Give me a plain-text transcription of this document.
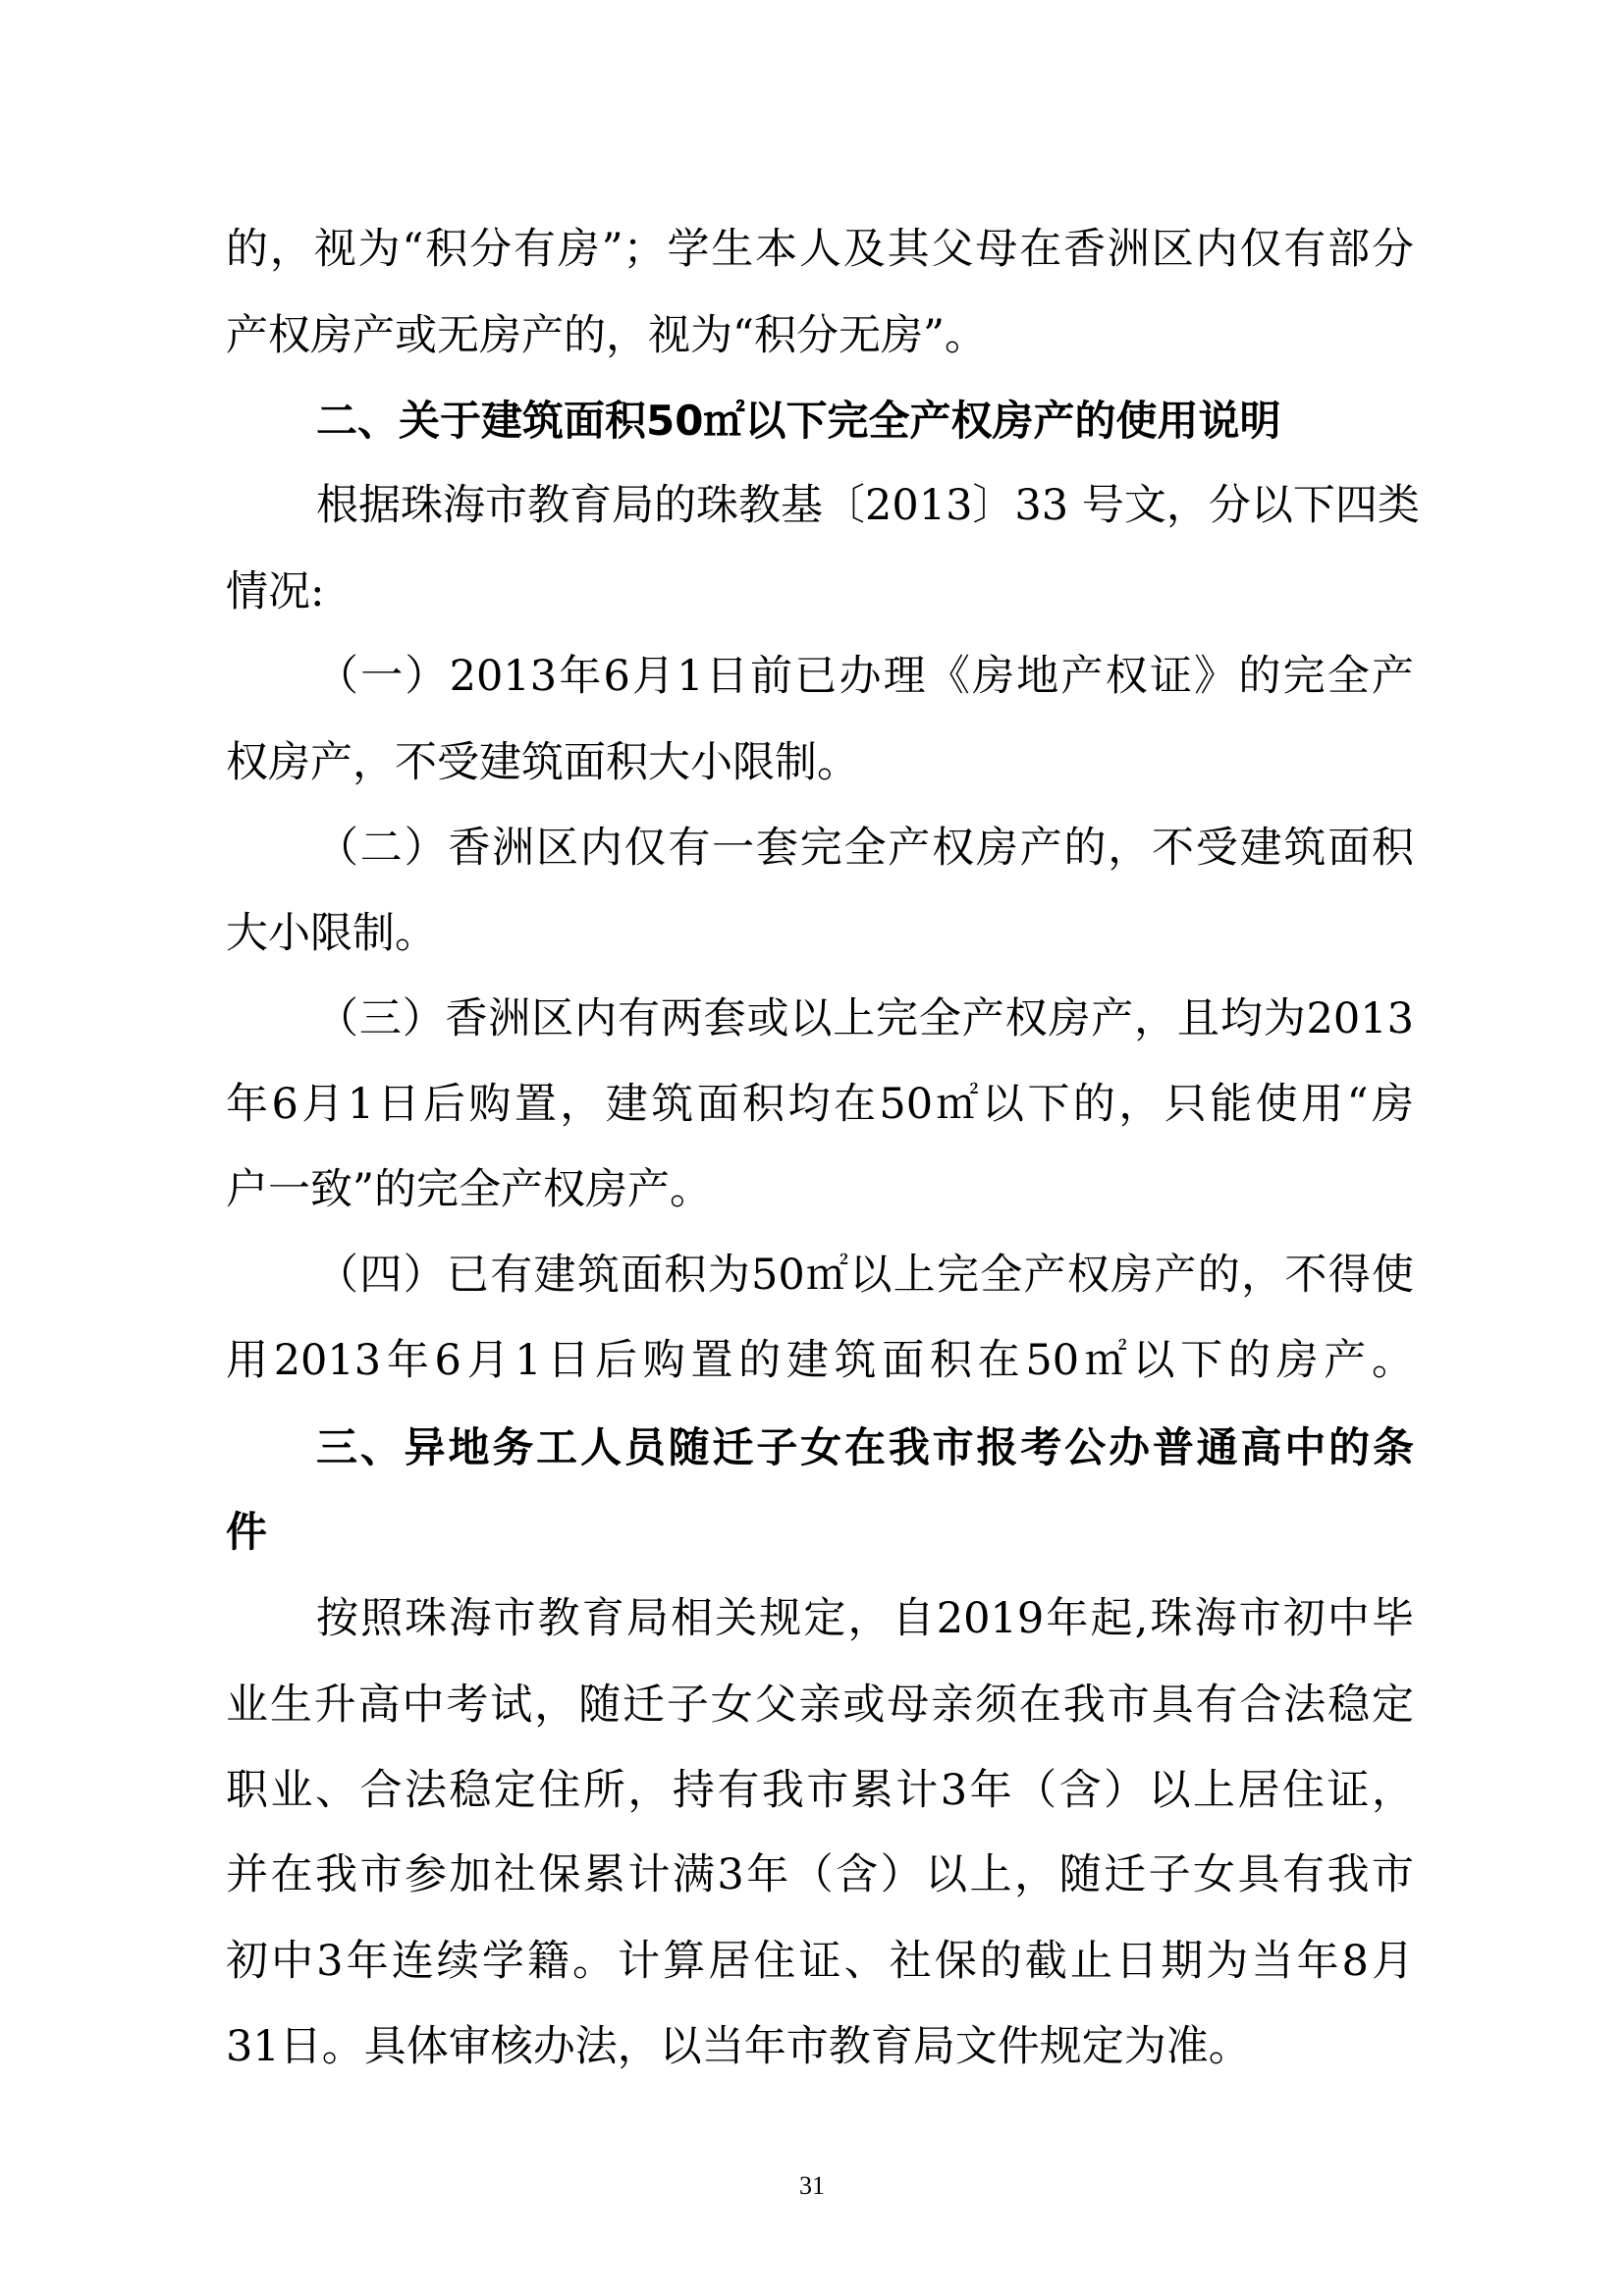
的，视为“积分有房”；学生本人及其父母在香洲区内仅有部分
产权房产或无房产的，视为“积分无房”。
二、关于建筑面积50㎡以下完全产权房产的使用说明
根据珠海市教育局的珠教基〔2013〕33 号文，分以下四类
情况:
（一）2013年6月1日前已办理《房地产权证》的完全产
权房产，不受建筑面积大小限制。
（二）香洲区内仅有一套完全产权房产的，不受建筑面积
大小限制。
（三）香洲区内有两套或以上完全产权房产，且均为2013
年6月1日后购置，建筑面积均在50㎡以下的，只能使用“房
户一致”的完全产权房产。
（四）已有建筑面积为50㎡以上完全产权房产的，不得使
用2013年6月1日后购置的建筑面积在50㎡以下的房产。
三、异地务工人员随迁子女在我市报考公办普通高中的条
件
按照珠海市教育局相关规定，自2019年起,珠海市初中毕
业生升高中考试，随迁子女父亲或母亲须在我市具有合法稳定
职业、合法稳定住所，持有我市累计3年（含）以上居住证，
并在我市参加社保累计满3年（含）以上，随迁子女具有我市
初中3年连续学籍。计算居住证、社保的截止日期为当年8月
31日。具体审核办法，以当年市教育局文件规定为准。
31
